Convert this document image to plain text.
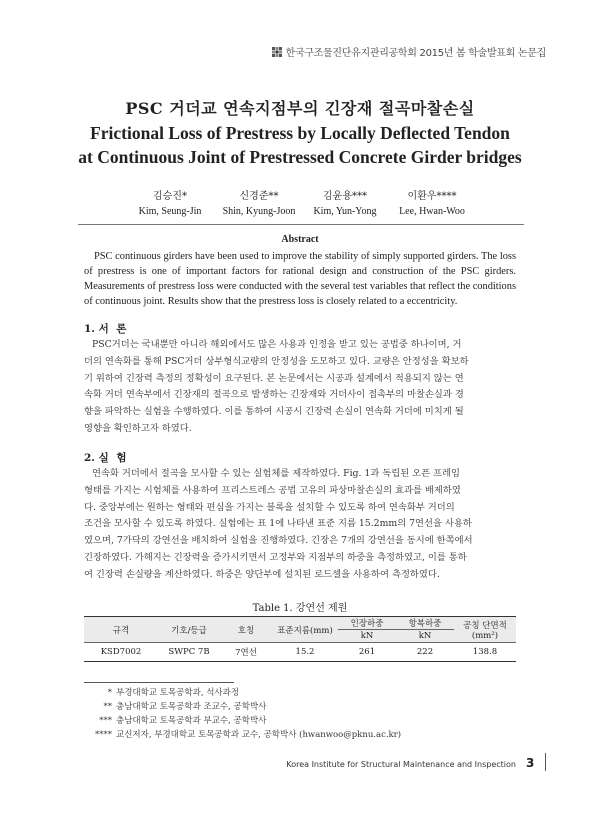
한국구조물진단유지관리공학회 2015년 봄 학술발표회 논문집
PSC 거더교 연속지점부의 긴장재 절곡마찰손실
Frictional Loss of Prestress by Locally Deflected Tendon
at Continuous Joint of Prestressed Concrete Girder bridges
김승진*
Kim, Seung-Jin
신경준**
Shin, Kyung-Joon
김윤용***
Kim, Yun-Yong
이환우****
Lee, Hwan-Woo
Abstract

PSC continuous girders have been used to improve the stability of simply supported girders. The loss of prestress is one of important factors for rational design and construction of the PSC girders. Measurements of prestress loss were conducted with the several test variables that reflect the conditions of continuous joint. Results show that the prestress loss is closely related to a eccentricity.

1. 서 론
PSC거더는 국내뿐만 아니라 해외에서도 많은 사용과 인정을 받고 있는 공법중 하나이며, 거
더의 연속화를 통해 PSC거더 상부형식교량의 안정성을 도모하고 있다. 교량은 안정성을 확보하
기 위하여 긴장력 측정의 정확성이 요구된다. 본 논문에서는 시공과 설계에서 적용되지 않는 연
속화 거더 연속부에서 긴장재의 절곡으로 발생하는 긴장재와 거더사이 접촉부의 마찰손실과 경
향을 파악하는 실험을 수행하였다. 이를 통하여 시공시 긴장력 손실이 연속화 거더에 미치게 될
영향을 확인하고자 하였다.
2. 실 험
연속화 거더에서 절곡을 모사할 수 있는 실험체를 제작하였다. Fig. 1과 독립된 오픈 프레임
형태를 가지는 시험체를 사용하여 프리스트레스 공법 고유의 파상마찰손실의 효과를 배제하였
다. 중앙부에는 원하는 형태와 편심을 가지는 블록을 설치할 수 있도록 하여 연속화부 거더의
조건을 모사할 수 있도록 하였다. 실험에는 표 1에 나타낸 표준 지름 15.2mm의 7연선을 사용하
였으며, 7가닥의 강연선을 배치하여 실험을 진행하였다. 긴장은 7개의 강연선을 동시에 한쪽에서
긴장하였다. 가해지는 긴장력을 증가시키면서 고정부와 지점부의 하중을 측정하였고, 이를 통하
여 긴장력 손실량을 계산하였다. 하중은 양단부에 설치된 로드셀을 사용하여 측정하였다.
Table 1. 강연선 제원
규격	기호/등급	호칭	표준지름(mm)	인장하중	항복하중	공칭 단면적
(mm²)

				kN	kN	
KSD7002	SWPC 7B	7연선	15.2	261	222	138.8
* 부경대학교 토목공학과, 석사과정
** 충남대학교 토목공학과 조교수, 공학박사
*** 충남대학교 토목공학과 부교수, 공학박사
**** 교신저자, 부경대학교 토목공학과 교수, 공학박사 (hwanwoo@pknu.ac.kr)
Korea Institute for Structural Maintenance and Inspection 3
